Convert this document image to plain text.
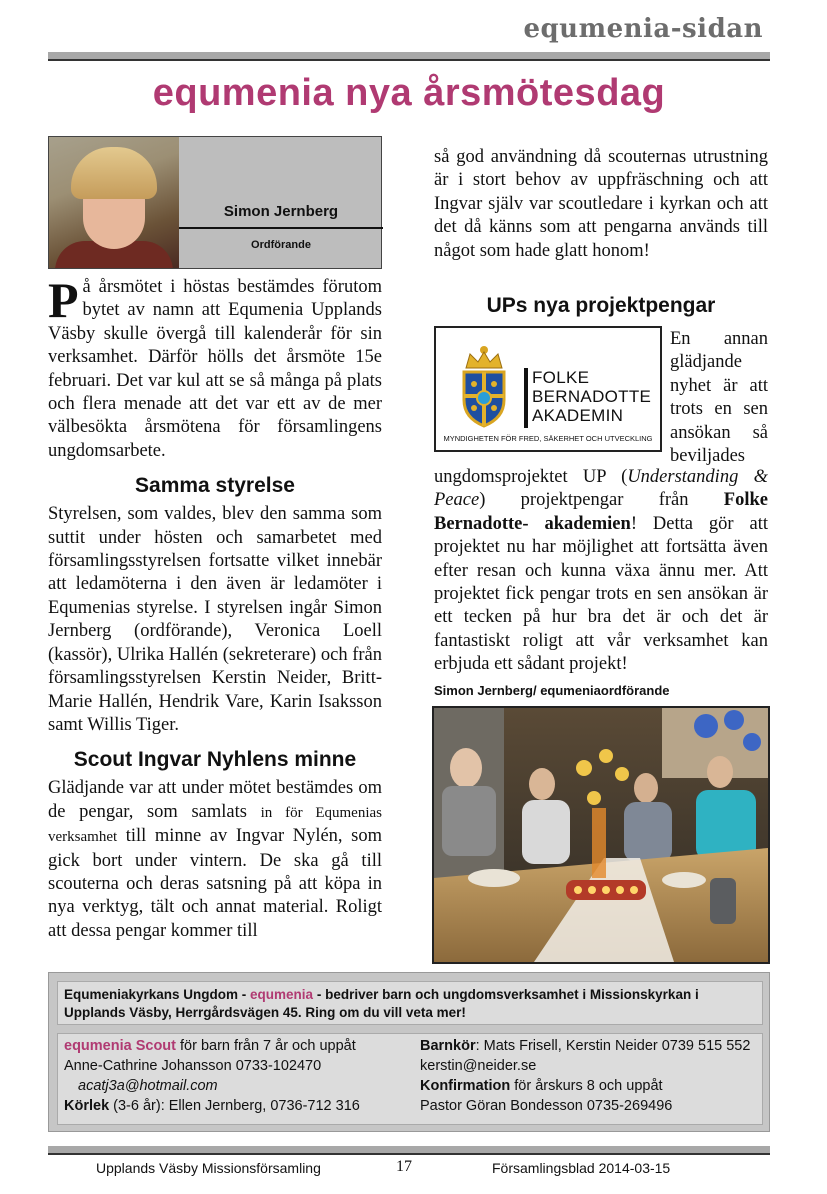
equmenia-sidan
equmenia nya årsmötesdag
Simon Jernberg
Ordförande

På årsmötet i höstas bestämdes förutom bytet av namn att Equmenia Upplands Väsby skulle övergå till kalenderår för sin verksamhet. Därför hölls det årsmöte 15e februari. Det var kul att se så många på plats och flera menade att det var ett av de mer välbesökta årsmötena för församlingens ungdomsarbete.

Samma styrelse

Styrelsen, som valdes, blev den samma som suttit under hösten och samarbetet med församlingsstyrelsen fortsatte vilket innebär att ledamöterna i den även är ledamöter i Equmenias styrelse. I styrelsen ingår Simon Jernberg (ordförande), Veronica Loell (kassör), Ulrika Hallén (sekreterare) och från församlingsstyrelsen Kerstin Neider, Britt-Marie Hallén, Hendrik Vare, Karin Isaksson samt Willis Tiger.

Scout Ingvar Nyhlens minne

Glädjande var att under mötet bestämdes om de pengar, som samlats in för Equmenias verksamhet till minne av Ingvar Nylén, som gick bort under vintern. De ska gå till scouterna och deras satsning på att köpa in nya verktyg, tält och annat material. Roligt att dessa pengar kommer till

så god användning då scouternas utrustning är i stort behov av uppfräschning och att Ingvar själv var scoutledare i kyrkan och att det då känns som att pengarna används till något som hade glatt honom!
UPs nya projektpengar
FOLKE
BERNADOTTE
AKADEMIN
MYNDIGHETEN FÖR FRED, SÄKERHET OCH UTVECKLING
En annan glädjande nyhet är att trots en sen ansökan så beviljades
ungdomsprojektet UP (Understanding & Peace) projektpengar från Folke Bernadotte- akademien! Detta gör att projektet nu har möjlighet att fortsätta även efter resan och kunna växa ännu mer. Att projektet fick pengar trots en sen ansökan är ett tecken på hur bra det är och det är fantastiskt roligt att vår verksamhet kan erbjuda ett sådant projekt!
Simon Jernberg/ equmeniaordförande
Equmeniakyrkans Ungdom - equmenia - bedriver barn och ungdomsverksamhet i Missionskyrkan i Upplands Väsby, Herrgårdsvägen 45. Ring om du vill veta mer!
equmenia Scout för barn från 7 år och uppåt
Anne-Cathrine Johansson 0733-102470
acatj3a@hotmail.com
Körlek (3-6 år): Ellen Jernberg, 0736-712 316
Barnkör: Mats Frisell, Kerstin Neider 0739 515 552 kerstin@neider.se
Konfirmation för årskurs 8 och uppåt
Pastor Göran Bondesson 0735-269496
Upplands Väsby Missionsförsamling	17	Församlingsblad 2014-03-15
